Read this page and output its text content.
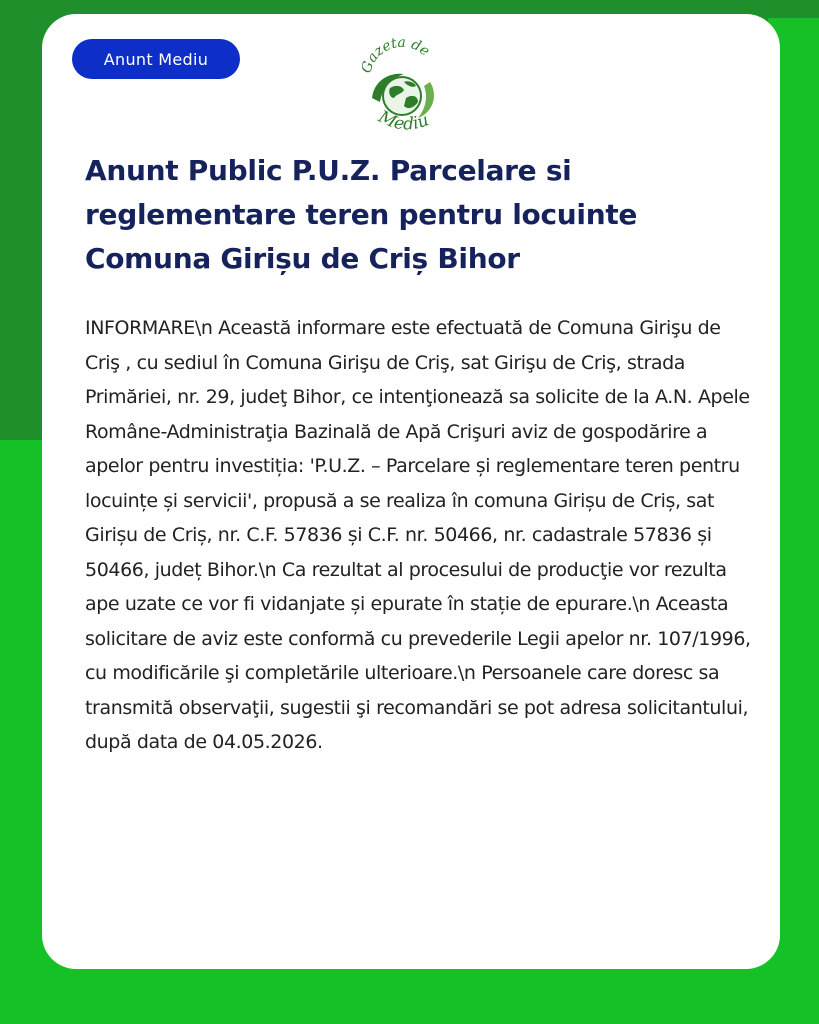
Anunt Mediu	Gazeta de
Mediu
Anunt Public P.U.Z. Parcelare si reglementare teren pentru locuinte Comuna Girișu de Criș Bihor

INFORMARE\n Această informare este efectuată de Comuna Girişu de Criş , cu sediul în Comuna Girişu de Criş, sat Girişu de Criş, strada Primăriei, nr. 29, judeţ Bihor, ce intenţionează sa solicite de la A.N. Apele Române-Administraţia Bazinală de Apă Crişuri aviz de gospodărire a apelor pentru investiția: 'P.U.Z. – Parcelare și reglementare teren pentru locuințe și servicii', propusă a se realiza în comuna Girișu de Criș, sat Girișu de Criș, nr. C.F. 57836 și C.F. nr. 50466, nr. cadastrale 57836 și 50466, județ Bihor.\n Ca rezultat al procesului de producţie vor rezulta ape uzate ce vor fi vidanjate și epurate în stație de epurare.\n Aceasta solicitare de aviz este conformă cu prevederile Legii apelor nr. 107/1996, cu modificările şi completările ulterioare.\n Persoanele care doresc sa transmită observaţii, sugestii şi recomandări se pot adresa solicitantului, după data de 04.05.2026.
